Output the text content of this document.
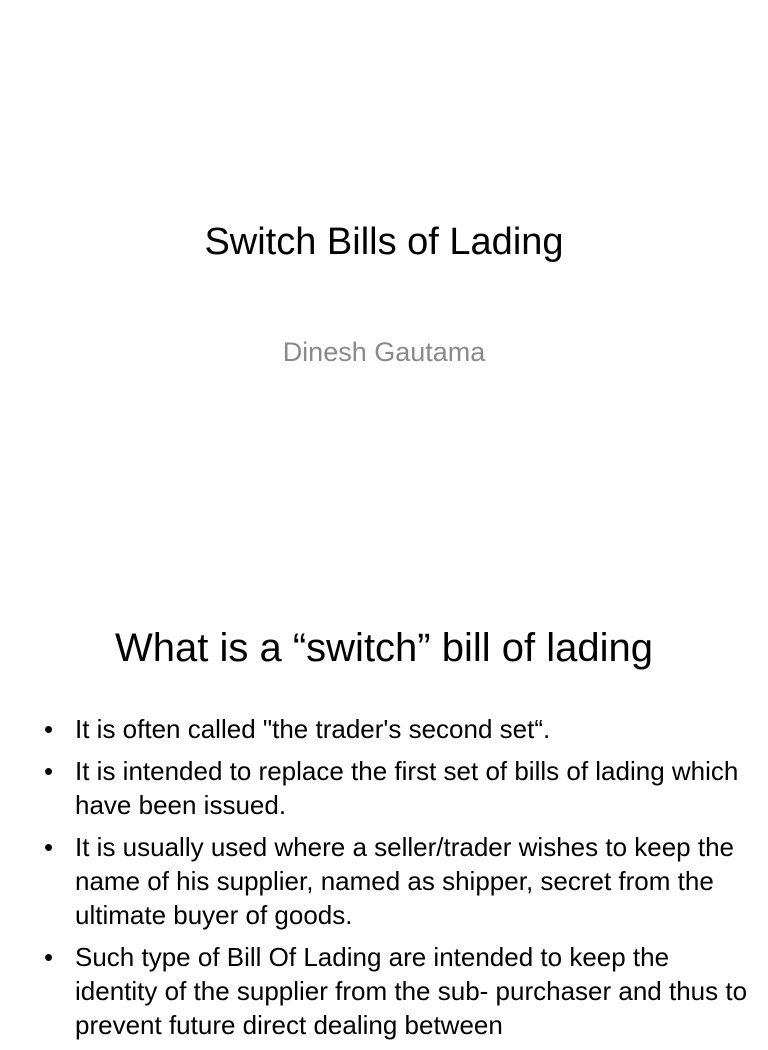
Switch Bills of Lading
Dinesh Gautama
What is a “switch” bill of lading
• It is often called "the trader's second set“.
• It is intended to replace the first set of bills of lading which have been issued.
• It is usually used where a seller/trader wishes to keep the name of his supplier, named as shipper, secret from the ultimate buyer of goods.
• Such type of Bill Of Lading are intended to keep the identity of the supplier from the sub- purchaser and thus to prevent future direct dealing between
